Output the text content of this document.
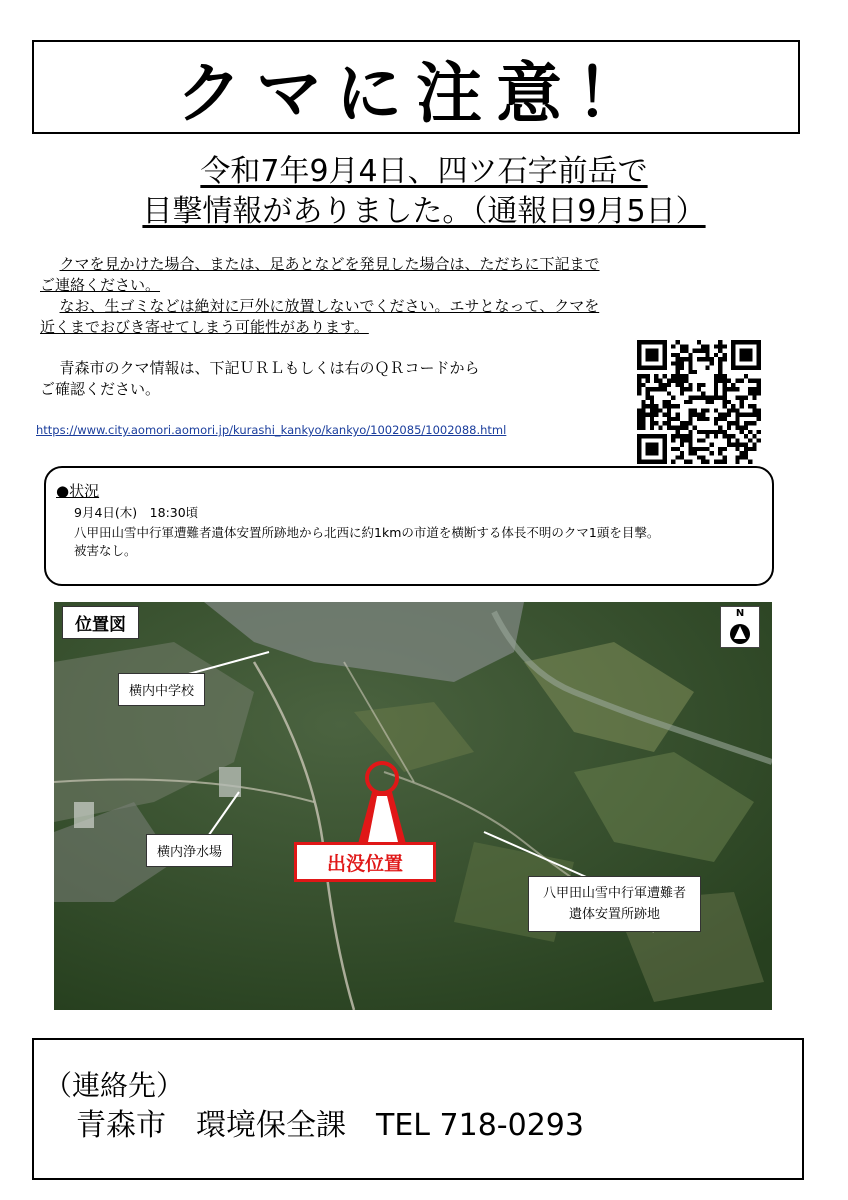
クマに注意！
令和7年9月4日、四ツ石字前岳で
目撃情報がありました。（通報日9月5日）
クマを見かけた場合、または、足あとなどを発見した場合は、ただちに下記まで
ご連絡ください。
なお、生ゴミなどは絶対に戸外に放置しないでください。エサとなって、クマを
近くまでおびき寄せてしまう可能性があります。
青森市のクマ情報は、下記ＵＲＬもしくは右のＱＲコードから
ご確認ください。
https://www.city.aomori.aomori.jp/kurashi_kankyo/kankyo/1002085/1002088.html
●状況
9月4日(木)　18:30頃
八甲田山雪中行軍遭難者遺体安置所跡地から北西に約1kmの市道を横断する体長不明のクマ1頭を目撃。
被害なし。
位置図
N
横内中学校
横内浄水場	出没位置
八甲田山雪中行軍遭難者
遺体安置所跡地
（連絡先）
青森市　環境保全課　TEL 718-0293
